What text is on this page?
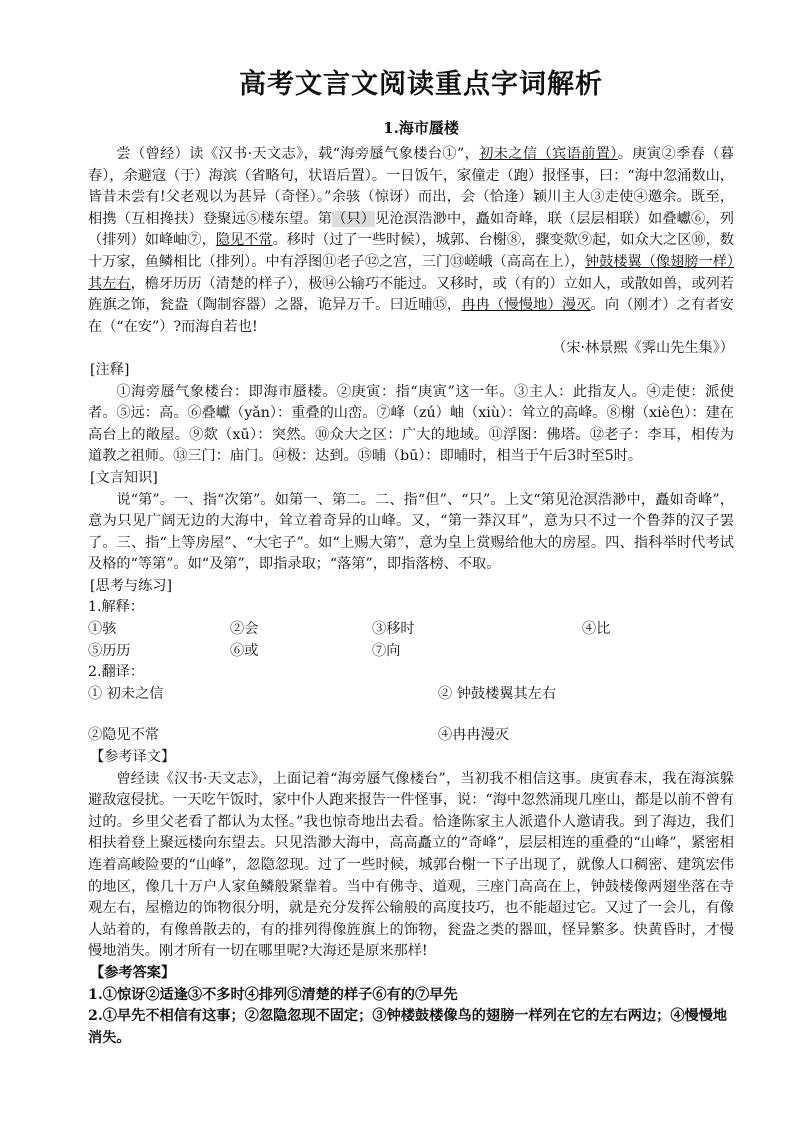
高考文言文阅读重点字词解析
1.海市蜃楼

尝（曾经）读《汉书·天文志》，载“海旁蜃气象楼台①”，初未之信（宾语前置）。庚寅②季春（暮春），余避寇（于）海滨（省略句，状语后置）。一日饭午，家僮走（跑）报怪事，曰：“海中忽涌数山，皆昔未尝有!父老观以为甚异（奇怪）。”余骇（惊讶）而出，会（恰逢）颖川主人③走使④邀余。既至，相携（互相搀扶）登聚远⑤楼东望。第（只）见沧溟浩渺中，矗如奇峰，联（层层相联）如叠巘⑥，列（排列）如峰岫⑦，隐见不常。移时（过了一些时候），城郭、台榭⑧，骤变欻⑨起，如众大之区⑩，数十万家，鱼鳞相比（排列）。中有浮图⑪老子⑫之宫，三门⑬嵯峨（高高在上），钟鼓楼翼（像翅膀一样）其左右，檐牙历历（清楚的样子），极⑭公输巧不能过。又移时，或（有的）立如人，或散如兽，或列若旌旗之饰，瓮盎（陶制容器）之器，诡异万千。曰近晡⑮，冉冉（慢慢地）漫灭。向（刚才）之有者安在（“在安”）?而海自若也!

（宋·林景熙《霁山先生集》）

[注释]

①海旁蜃气象楼台：即海市蜃楼。②庚寅：指“庚寅”这一年。③主人：此指友人。④走使：派使者。⑤远：高。⑥叠巘（yǎn）：重叠的山峦。⑦峰（zú）岫（xiù）：耸立的高峰。⑧榭（xiè色）：建在高台上的敞屋。⑨欻（xū）：突然。⑩众大之区：广大的地域。⑪浮图：佛塔。⑫老子：李耳，相传为道教之祖师。⑬三门：庙门。⑭极：达到。⑮晡（bū）：即晡时，相当于午后3时至5时。

[文言知识]

说“第”。一、指“次第”。如第一、第二。二、指“但”、“只”。上文“第见沧溟浩渺中，矗如奇峰”，意为只见广阔无边的大海中，耸立着奇异的山峰。又，“第一莽汉耳”，意为只不过一个鲁莽的汉子罢了。三、指“上等房屋”、“大宅子”。如“上赐大第”，意为皇上赏赐给他大的房屋。四、指科举时代考试及格的“等第”。如“及第”，即指录取；“落第”，即指落榜、不取。

[思考与练习]

1.解释：

①骇	②会	③移时	④比
⑤历历	⑥或	⑦向

2.翻译：

① 初未之信	② 钟鼓楼翼其左右
②隐见不常	④冉冉漫灭

【参考译文】

曾经读《汉书·天文志》，上面记着“海旁蜃气像楼台”，当初我不相信这事。庚寅春末，我在海滨躲避敌寇侵扰。一天吃午饭时，家中仆人跑来报告一件怪事，说：“海中忽然涌现几座山，都是以前不曾有过的。乡里父老看了都认为太怪。”我也惊奇地出去看。恰逢陈家主人派遣仆人邀请我。到了海边，我们相扶着登上聚远楼向东望去。只见浩渺大海中，高高矗立的“奇峰”，层层相连的重叠的“山峰”，紧密相连着高峻险要的“山峰”，忽隐忽现。过了一些时候，城郭台榭一下子出现了，就像人口稠密、建筑宏伟的地区，像几十万户人家鱼鳞般紧靠着。当中有佛寺、道观，三座门高高在上，钟鼓楼像两翅坐落在寺观左右，屋檐边的饰物很分明，就是充分发挥公输般的高度技巧，也不能超过它。又过了一会儿，有像人站着的，有像兽散去的，有的排列得像旌旗上的饰物，瓮盎之类的器皿，怪异繁多。快黄昏时，才慢慢地消失。刚才所有一切在哪里呢?大海还是原来那样!

【参考答案】

1.①惊讶②适逢③不多时④排列⑤清楚的样子⑥有的⑦早先

2.①早先不相信有这事；②忽隐忽现不固定；③钟楼鼓楼像鸟的翅膀一样列在它的左右两边；④慢慢地消失。
